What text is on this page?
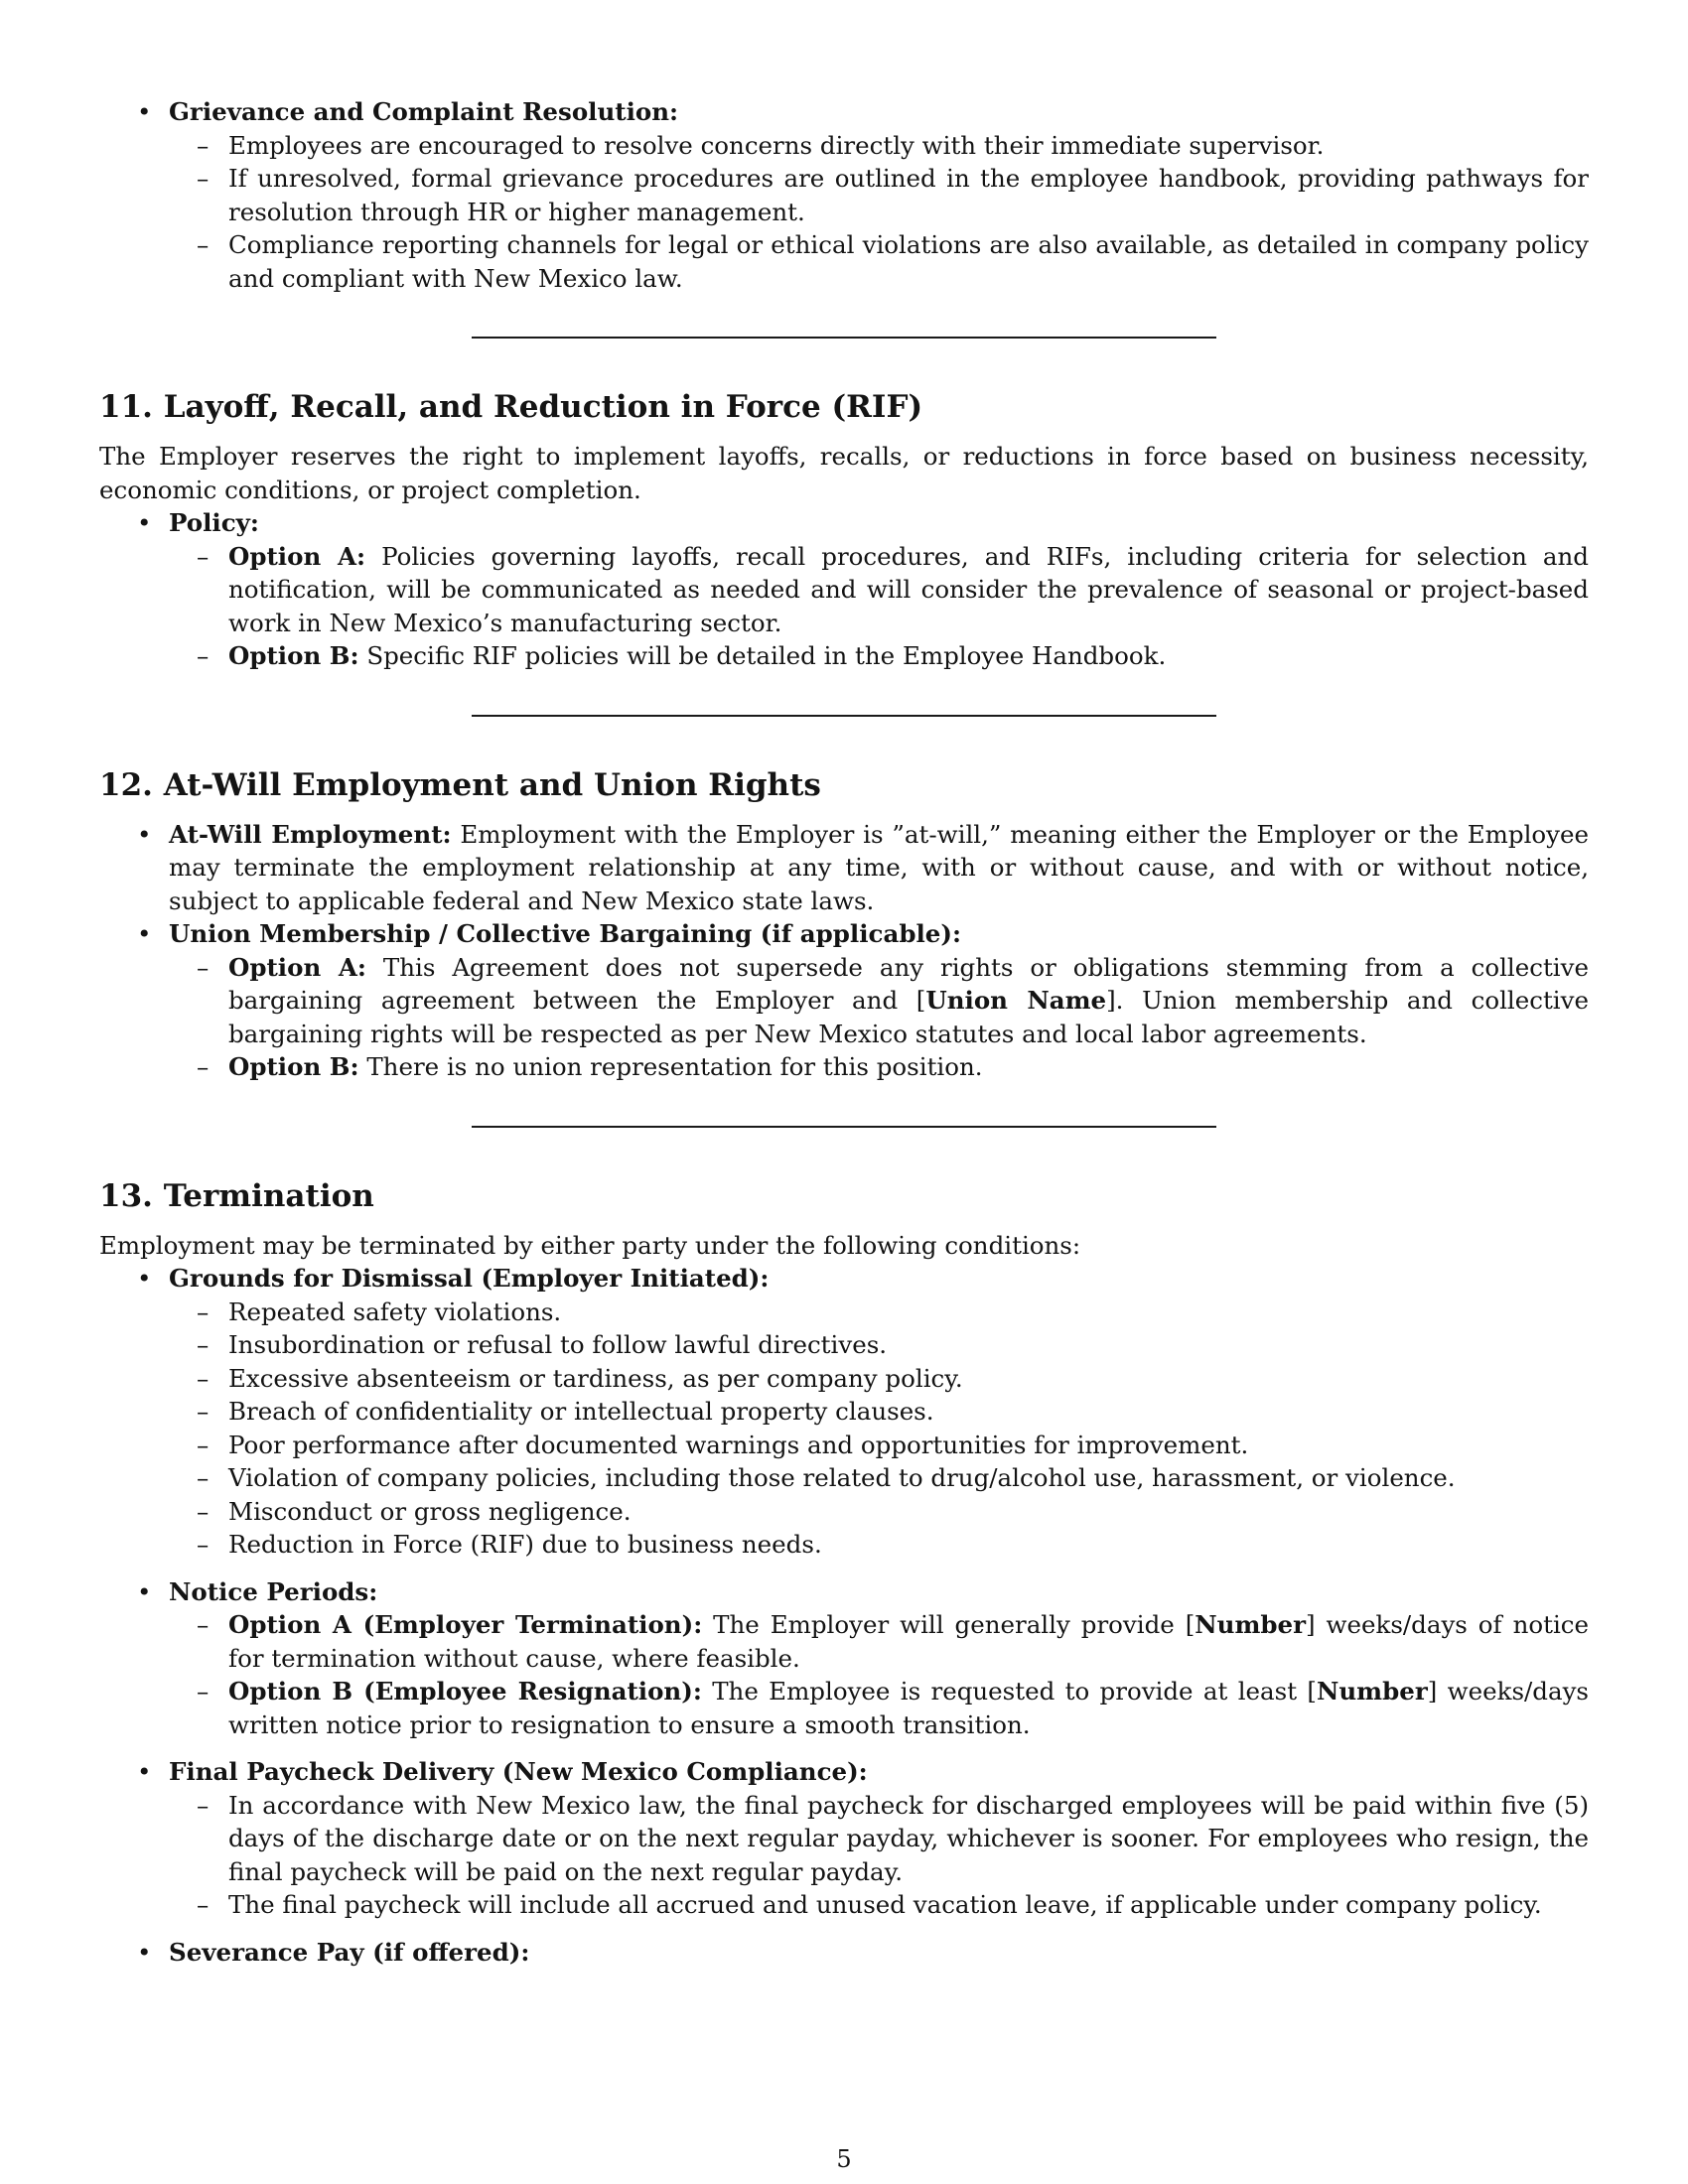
• Grievance and Complaint Resolution:
– Employees are encouraged to resolve concerns directly with their immediate supervisor.
– If unresolved, formal grievance procedures are outlined in the employee handbook, providing pathways for resolution through HR or higher management.
– Compliance reporting channels for legal or ethical violations are also available, as detailed in company policy and compliant with New Mexico law.
11. Layoff, Recall, and Reduction in Force (RIF)

The Employer reserves the right to implement layoffs, recalls, or reductions in force based on business necessity, economic conditions, or project completion.

• Policy:
– Option A: Policies governing layoffs, recall procedures, and RIFs, including criteria for selection and notification, will be communicated as needed and will consider the prevalence of seasonal or project-based work in New Mexico’s manufacturing sector.
– Option B: Specific RIF policies will be detailed in the Employee Handbook.
12. At-Will Employment and Union Rights
• At-Will Employment: Employment with the Employer is ”at-will,” meaning either the Employer or the Employee may terminate the employment relationship at any time, with or without cause, and with or without notice, subject to applicable federal and New Mexico state laws.
• Union Membership / Collective Bargaining (if applicable):
– Option A: This Agreement does not supersede any rights or obligations stemming from a collective bargaining agreement between the Employer and [Union Name]. Union membership and collective bargaining rights will be respected as per New Mexico statutes and local labor agreements.
– Option B: There is no union representation for this position.
13. Termination

Employment may be terminated by either party under the following conditions:

• Grounds for Dismissal (Employer Initiated):
– Repeated safety violations.
– Insubordination or refusal to follow lawful directives.
– Excessive absenteeism or tardiness, as per company policy.
– Breach of confidentiality or intellectual property clauses.
– Poor performance after documented warnings and opportunities for improvement.
– Violation of company policies, including those related to drug/alcohol use, harassment, or violence.
– Misconduct or gross negligence.
– Reduction in Force (RIF) due to business needs.
• Notice Periods:
– Option A (Employer Termination): The Employer will generally provide [Number] weeks/days of notice for termination without cause, where feasible.
– Option B (Employee Resignation): The Employee is requested to provide at least [Number] weeks/days written notice prior to resignation to ensure a smooth transition.
• Final Paycheck Delivery (New Mexico Compliance):
– In accordance with New Mexico law, the final paycheck for discharged employees will be paid within five (5) days of the discharge date or on the next regular payday, whichever is sooner. For employees who resign, the final paycheck will be paid on the next regular payday.
– The final paycheck will include all accrued and unused vacation leave, if applicable under company policy.
• Severance Pay (if offered):
5
